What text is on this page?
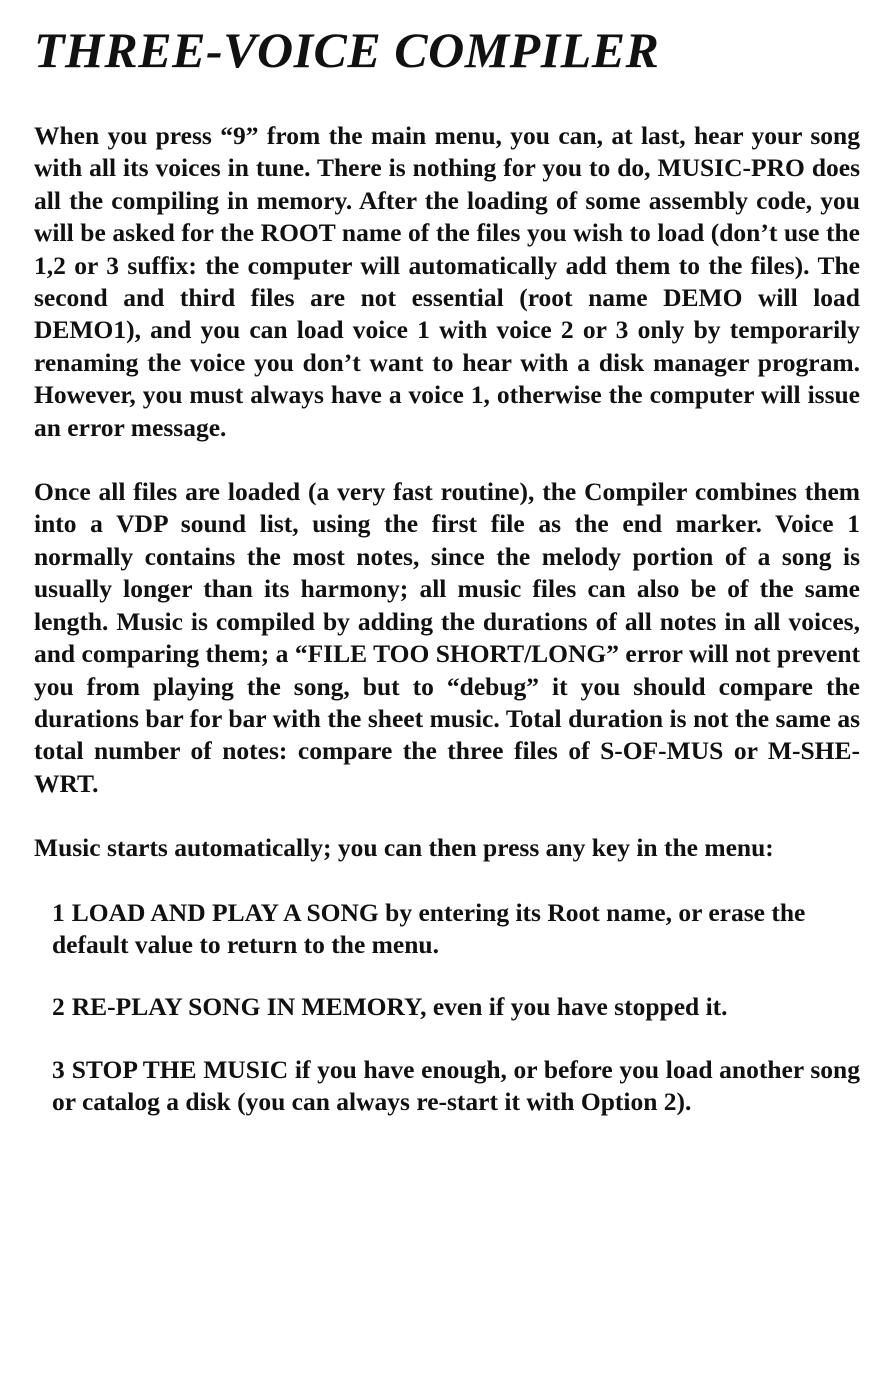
THREE-VOICE COMPILER

When you press “9” from the main menu, you can, at last, hear your song with all its voices in tune. There is nothing for you to do, MUSIC-PRO does all the compiling in memory. After the loading of some assembly code, you will be asked for the ROOT name of the files you wish to load (don’t use the 1,2 or 3 suffix: the computer will automatically add them to the files). The second and third files are not essential (root name DEMO will load DEMO1), and you can load voice 1 with voice 2 or 3 only by temporarily renaming the voice you don’t want to hear with a disk manager program. However, you must always have a voice 1, otherwise the computer will issue an error message.

Once all files are loaded (a very fast routine), the Compiler combines them into a VDP sound list, using the first file as the end marker. Voice 1 normally contains the most notes, since the melody portion of a song is usually longer than its harmony; all music files can also be of the same length. Music is compiled by adding the durations of all notes in all voices, and comparing them; a “FILE TOO SHORT/LONG” error will not prevent you from playing the song, but to “debug” it you should compare the durations bar for bar with the sheet music. Total duration is not the same as total number of notes: compare the three files of S-OF-MUS or M-SHE-WRT.

Music starts automatically; you can then press any key in the menu:

1 LOAD AND PLAY A SONG by entering its Root name, or erase the default value to return to the menu.

2 RE-PLAY SONG IN MEMORY, even if you have stopped it.

3 STOP THE MUSIC if you have enough, or before you load another song or catalog a disk (you can always re-start it with Option 2).
